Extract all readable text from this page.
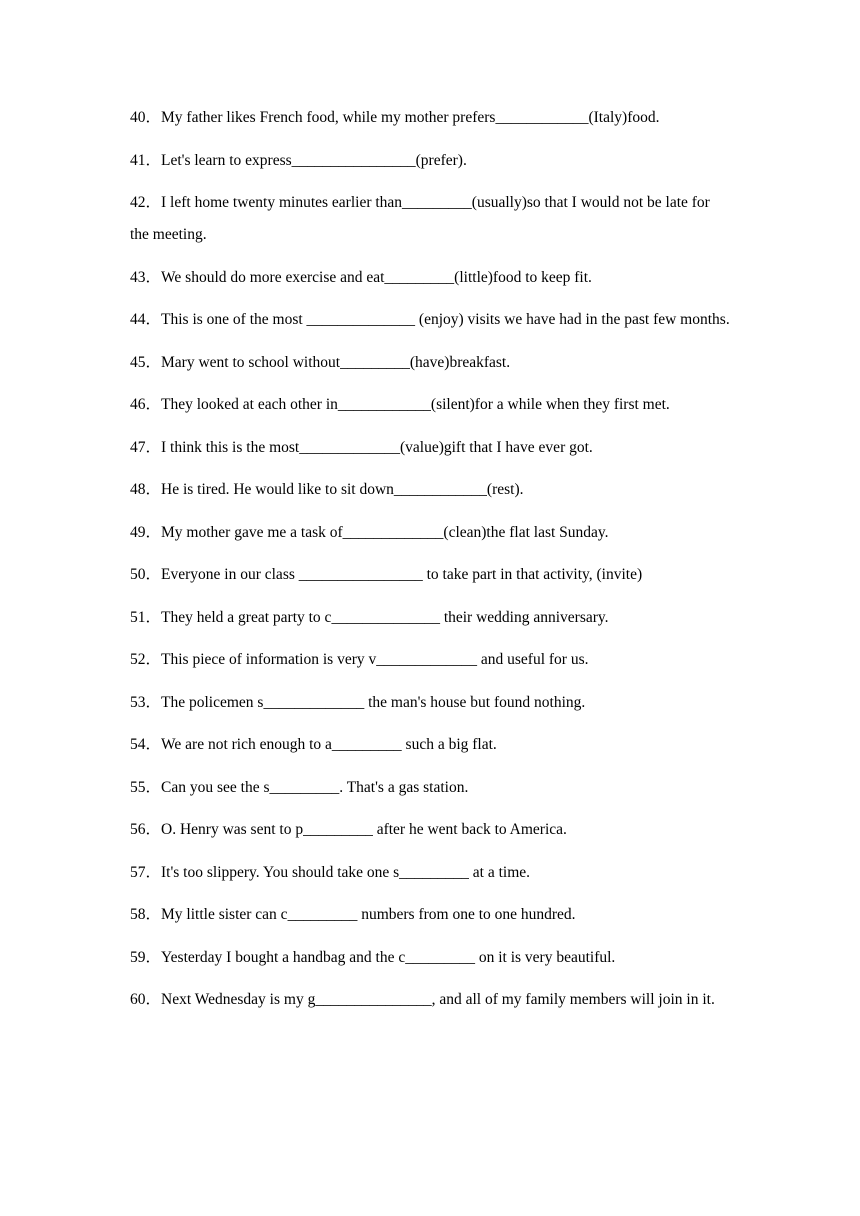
40．My father likes French food, while my mother prefers____________(Italy)food.

41．Let's learn to express________________(prefer).

42．I left home twenty minutes earlier than_________(usually)so that I would not be late for the meeting.

43．We should do more exercise and eat_________(little)food to keep fit.

44．This is one of the most ______________ (enjoy) visits we have had in the past few months.

45．Mary went to school without_________(have)breakfast.

46．They looked at each other in____________(silent)for a while when they first met.

47．I think this is the most_____________(value)gift that I have ever got.

48．He is tired. He would like to sit down____________(rest).

49．My mother gave me a task of_____________(clean)the flat last Sunday.

50．Everyone in our class ________________ to take part in that activity, (invite)

51．They held a great party to c______________ their wedding anniversary.

52．This piece of information is very v_____________ and useful for us.

53．The policemen s_____________ the man's house but found nothing.

54．We are not rich enough to a_________ such a big flat.

55．Can you see the s_________. That's a gas station.

56．O. Henry was sent to p_________ after he went back to America.

57．It's too slippery. You should take one s_________ at a time.

58．My little sister can c_________ numbers from one to one hundred.

59．Yesterday I bought a handbag and the c_________ on it is very beautiful.

60．Next Wednesday is my g_______________, and all of my family members will join in it.
